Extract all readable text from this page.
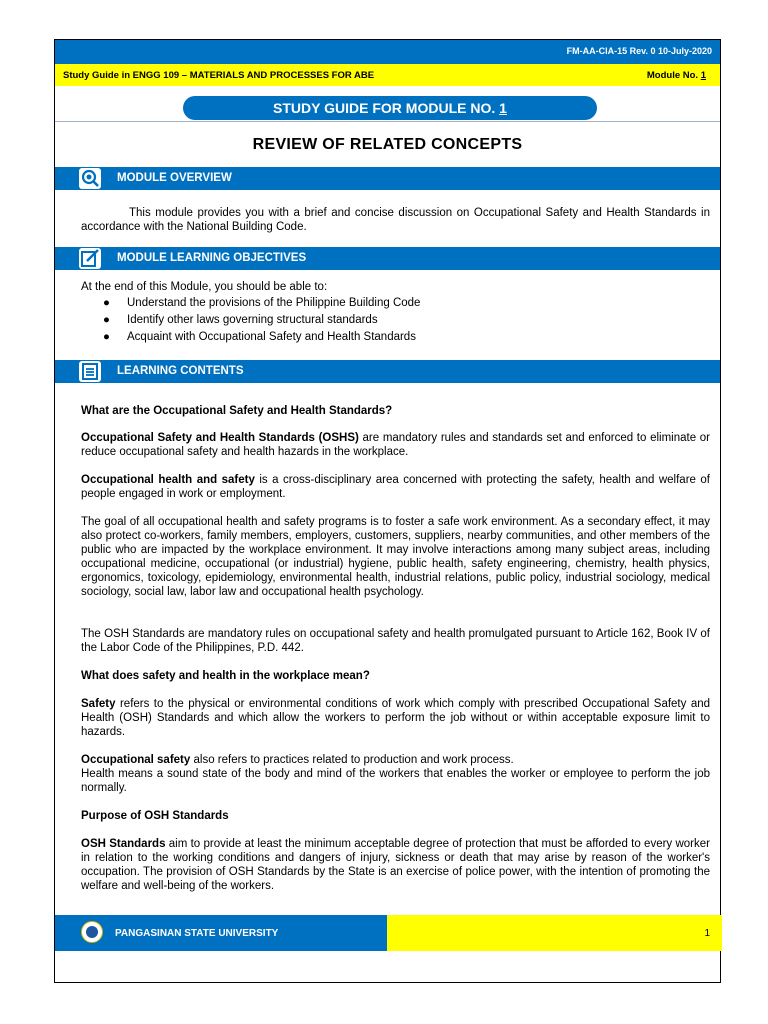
FM-AA-CIA-15 Rev. 0 10-July-2020
Study Guide in ENGG 109 – MATERIALS AND PROCESSES FOR ABE	Module No. 1
STUDY GUIDE FOR MODULE NO. 1
REVIEW OF RELATED CONCEPTS
MODULE OVERVIEW
This module provides you with a brief and concise discussion on Occupational Safety and Health Standards in accordance with the National Building Code.
MODULE LEARNING OBJECTIVES
At the end of this Module, you should be able to:
● Understand the provisions of the Philippine Building Code
● Identify other laws governing structural standards
● Acquaint with Occupational Safety and Health Standards
LEARNING CONTENTS
What are the Occupational Safety and Health Standards?
Occupational Safety and Health Standards (OSHS) are mandatory rules and standards set and enforced to eliminate or reduce occupational safety and health hazards in the workplace.
Occupational health and safety is a cross-disciplinary area concerned with protecting the safety, health and welfare of people engaged in work or employment.
The goal of all occupational health and safety programs is to foster a safe work environment. As a secondary effect, it may also protect co-workers, family members, employers, customers, suppliers, nearby communities, and other members of the public who are impacted by the workplace environment. It may involve interactions among many subject areas, including occupational medicine, occupational (or industrial) hygiene, public health, safety engineering, chemistry, health physics, ergonomics, toxicology, epidemiology, environmental health, industrial relations, public policy, industrial sociology, medical sociology, social law, labor law and occupational health psychology.
The OSH Standards are mandatory rules on occupational safety and health promulgated pursuant to Article 162, Book IV of the Labor Code of the Philippines, P.D. 442.
What does safety and health in the workplace mean?
Safety refers to the physical or environmental conditions of work which comply with prescribed Occupational Safety and Health (OSH) Standards and which allow the workers to perform the job without or within acceptable exposure limit to hazards.
Occupational safety also refers to practices related to production and work process.
Health means a sound state of the body and mind of the workers that enables the worker or employee to perform the job normally.
Purpose of OSH Standards
OSH Standards aim to provide at least the minimum acceptable degree of protection that must be afforded to every worker in relation to the working conditions and dangers of injury, sickness or death that may arise by reason of the worker's occupation. The provision of OSH Standards by the State is an exercise of police power, with the intention of promoting the welfare and well-being of the workers.
PANGASINAN STATE UNIVERSITY	1
